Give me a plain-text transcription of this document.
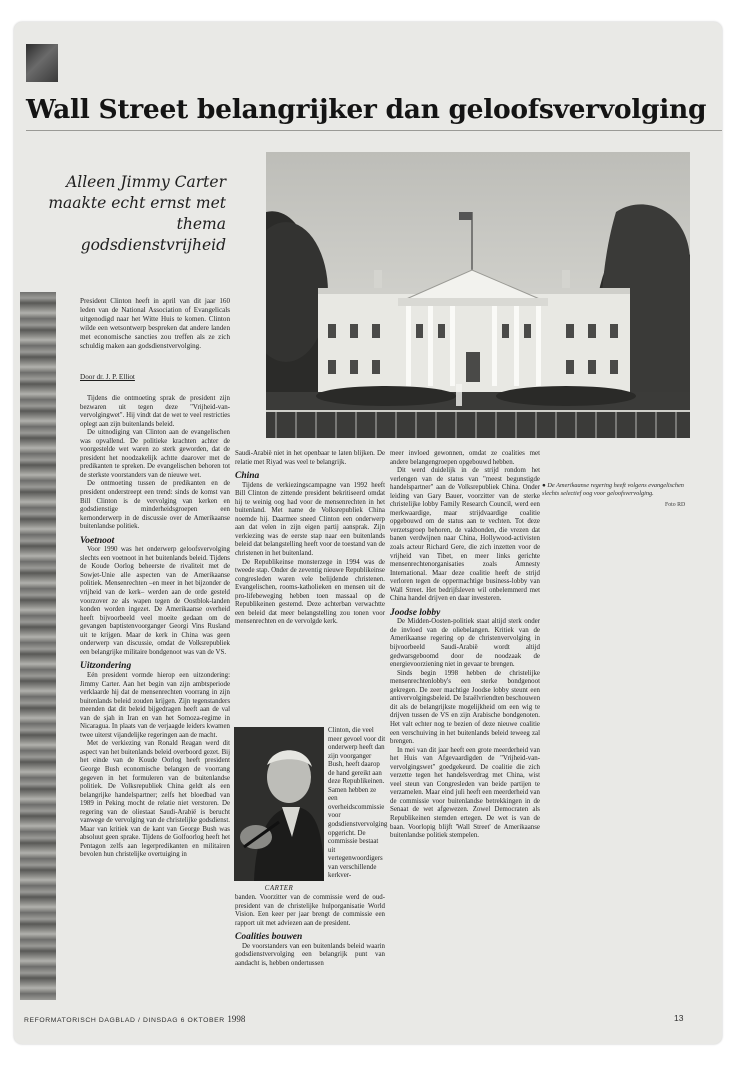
Wall Street belangrijker dan geloofsvervolging
Alleen Jimmy Carter maakte echt ernst met thema godsdienstvrijheid
President Clinton heeft in april van dit jaar 160 leden van de National Association of Evangelicals uitgenodigd naar het Witte Huis te komen. Clinton wilde een wetsontwerp bespreken dat andere landen met economische sancties zou treffen als ze zich schuldig maken aan godsdienstvervolging.
Door dr. J. P. Elliot

Tijdens die ontmoeting sprak de president zijn bezwaren uit tegen deze "Vrijheid-van-vervolgingwet". Hij vindt dat de wet te veel restricties oplegt aan zijn buitenlands beleid.

De uitnodiging van Clinton aan de evangelischen was opvallend. De politieke krachten achter de voorgestelde wet waren zo sterk geworden, dat de president het noodzakelijk achtte daarover met de predikanten te spreken. De evangelischen behoren tot de sterkste voorstanders van de nieuwe wet.

De ontmoeting tussen de predikanten en de president onderstreept een trend: sinds de komst van Bill Clinton is de vervolging van kerken en godsdienstige minderheidsgroepen een kernonderwerp in de discussie over de Amerikaanse buitenlandse politiek.

Voetnoot

Voor 1990 was het onderwerp geloofsvervolging slechts een voetnoot in het buitenlands beleid. Tijdens de Koude Oorlog beheerste de rivaliteit met de Sowjet-Unie alle aspecten van de Amerikaanse politiek. Mensenrechten –en meer in het bijzonder de vrijheid van de kerk– werden aan de orde gesteld voorzover ze als wapen tegen de Oostblok-landen konden worden ingezet. De Amerikaanse overheid heeft bijvoorbeeld veel moeite gedaan om de gevangen baptistenvoorganger Georgi Vins Rusland uit te krijgen. Maar de kerk in China was geen onderwerp van discussie, omdat de Volksrepubliek een belangrijke militaire bondgenoot was van de VS.

Uitzondering

Eén president vormde hierop een uitzondering: Jimmy Carter. Aan het begin van zijn ambtsperiode verklaarde hij dat de mensenrechten voorrang in zijn buitenlands beleid zouden krijgen. Zijn tegenstanders meenden dat dit beleid bijgedragen heeft aan de val van de sjah in Iran en van het Somoza-regime in Nicaragua. In plaats van de verjaagde leiders kwamen twee uiterst vijandelijke regeringen aan de macht.

Met de verkiezing van Ronald Reagan werd dit aspect van het buitenlands beleid overboord gezet. Bij het einde van de Koude Oorlog heeft president George Bush economische belangen de voorrang gegeven in het formuleren van de buitenlandse politiek. De Volksrepubliek China geldt als een belangrijke handelspartner; zelfs het bloedbad van 1989 in Peking mocht de relatie niet verstoren. De regering van de oliestaat Saudi-Arabië is berucht vanwege de vervolging van de christelijke godsdienst. Maar van kritiek van de kant van George Bush was absoluut geen sprake. Tijdens de Golfoorlog heeft het Pentagon zelfs aan legerpredikanten en militairen bevolen hun christelijke overtuiging in

Saudi-Arabië niet in het openbaar te laten blijken. De relatie met Riyad was veel te belangrijk.

China

Tijdens de verkiezingscampagne van 1992 heeft Bill Clinton de zittende president bekritiseerd omdat hij te weinig oog had voor de mensenrechten in het buitenland. Met name de Volksrepubliek China noemde hij. Daarmee sneed Clinton een onderwerp aan dat velen in zijn eigen partij aansprak. Zijn verkiezing was de eerste stap naar een buitenlands beleid dat belangstelling heeft voor de toestand van de christenen in het buitenland.

De Republikeinse monsterzege in 1994 was de tweede stap. Onder de zeventig nieuwe Republikeinse congresleden waren vele belijdende christenen. Evangelischen, rooms-katholieken en mensen uit de pro-lifebeweging hebben toen massaal op de Republikeinen gestemd. Deze achterban verwachtte een beleid dat meer belangstelling zou tonen voor mensenrechten en de vervolgde kerk.

CARTER

Clinton, die veel meer gevoel voor dit onderwerp heeft dan zijn voorganger Bush, heeft daarop de hand gereikt aan deze Republikeinen. Samen hebben ze een overheidscommissie voor godsdienstvervolging opgericht. De commissie bestaat uit vertegenwoordigers van verschillende kerkver-

banden. Voorzitter van de commissie werd de oud-president van de christelijke hulporganisatie World Vision. Een keer per jaar brengt de commissie een rapport uit met adviezen aan de president.

Coalities bouwen

De voorstanders van een buitenlands beleid waarin godsdienstvervolging een belangrijk punt van aandacht is, hebben ondertussen

meer invloed gewonnen, omdat ze coalities met andere belangengroepen opgebouwd hebben.

Dit werd duidelijk in de strijd rondom het verlengen van de status van "meest begunstigde handelspartner" aan de Volksrepubliek China. Onder leiding van Gary Bauer, voorzitter van de sterke christelijke lobby Family Research Council, werd een merkwaardige, maar strijdvaardige coalitie opgebouwd om de status aan te vechten. Tot deze verzetsgroep behoren, de vakbonden, die vrezen dat banen verdwijnen naar China, Hollywood-activisten zoals acteur Richard Gere, die zich inzetten voor de vrijheid van Tibet, en meer links gerichte mensenrechtenorganisaties zoals Amnesty International. Maar deze coalitie heeft de strijd verloren tegen de oppermachtige business-lobby van Wall Street. Het bedrijfsleven wil onbelemmerd met China handel drijven en daar investeren.

Joodse lobby

De Midden-Oosten-politiek staat altijd sterk onder de invloed van de oliebelangen. Kritiek van de Amerikaanse regering op de christenvervolging in bijvoorbeeld Saudi-Arabië wordt altijd gedwarsgeboomd door de noodzaak de energievoorziening niet in gevaar te brengen.

Sinds begin 1998 hebben de christelijke mensenrechtenlobby's een sterke bondgenoot gekregen. De zeer machtige Joodse lobby steunt een antivervolgingsbeleid. De Israëlvriendten beschouwen dit als de belangrijkste mogelijkheid om een wig te drijven tussen de VS en zijn Arabische bondgenoten. Het valt echter nog te bezien of deze nieuwe coalitie een verschuiving in het buitenlands beleid teweeg zal brengen.

In mei van dit jaar heeft een grote meerderheid van het Huis van Afgevaardigden de "Vrijheid-van-vervolgingswet" goedgekeurd. De coalitie die zich verzette tegen het handelsverdrag met China, wist veel steun van Congresleden van beide partijen te verzamelen. Maar eind juli heeft een meerderheid van de commissie voor buitenlandse betrekkingen in de Senaat de wet afgewezen. Zowel Democraten als Republikeinen stemden ertegen. De wet is van de baan. Voorlopig blijft 'Wall Street' de Amerikaanse buitenlandse politiek stempelen.

● De Amerikaanse regering heeft volgens evangelischen slechts selectief oog voor geloofsvervolging.
Foto RD
REFORMATORISCH DAGBLAD / DINSDAG 6 OKTOBER 1998	13
